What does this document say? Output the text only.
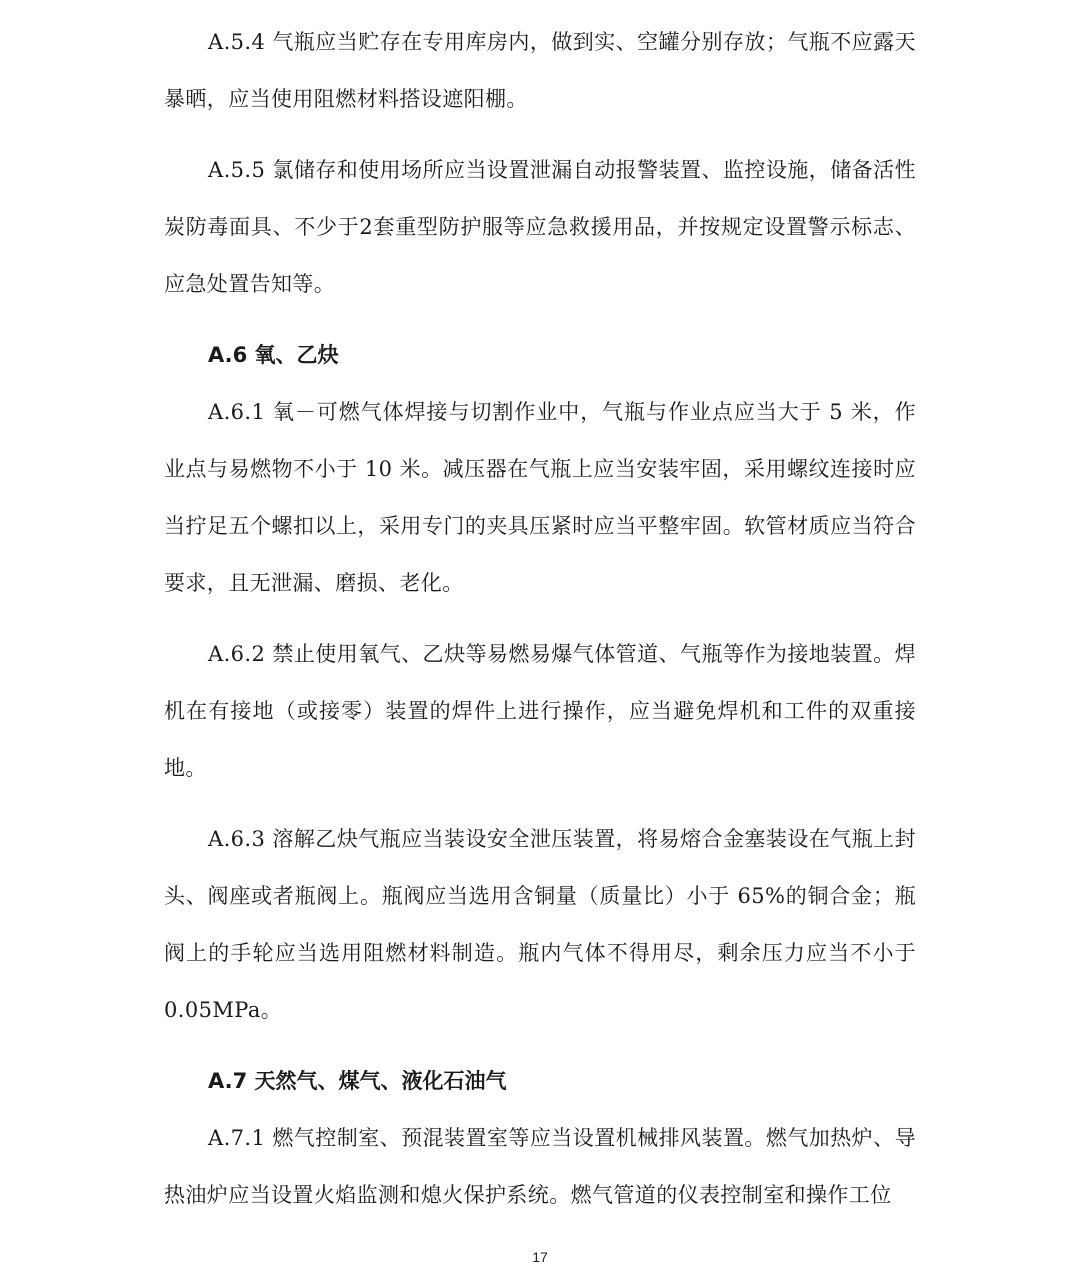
A.5.4 气瓶应当贮存在专用库房内，做到实、空罐分别存放；气瓶不应露天暴晒，应当使用阻燃材料搭设遮阳棚。

A.5.5 氯储存和使用场所应当设置泄漏自动报警装置、监控设施，储备活性炭防毒面具、不少于2套重型防护服等应急救援用品，并按规定设置警示标志、应急处置告知等。

A.6 氧、乙炔

A.6.1 氧－可燃气体焊接与切割作业中，气瓶与作业点应当大于 5 米，作业点与易燃物不小于 10 米。减压器在气瓶上应当安装牢固，采用螺纹连接时应当拧足五个螺扣以上，采用专门的夹具压紧时应当平整牢固。软管材质应当符合要求，且无泄漏、磨损、老化。

A.6.2 禁止使用氧气、乙炔等易燃易爆气体管道、气瓶等作为接地装置。焊机在有接地（或接零）装置的焊件上进行操作，应当避免焊机和工件的双重接地。

A.6.3 溶解乙炔气瓶应当装设安全泄压装置，将易熔合金塞装设在气瓶上封头、阀座或者瓶阀上。瓶阀应当选用含铜量（质量比）小于 65%的铜合金；瓶阀上的手轮应当选用阻燃材料制造。瓶内气体不得用尽，剩余压力应当不小于0.05MPa。

A.7 天然气、煤气、液化石油气

A.7.1 燃气控制室、预混装置室等应当设置机械排风装置。燃气加热炉、导热油炉应当设置火焰监测和熄火保护系统。燃气管道的仪表控制室和操作工位

17
